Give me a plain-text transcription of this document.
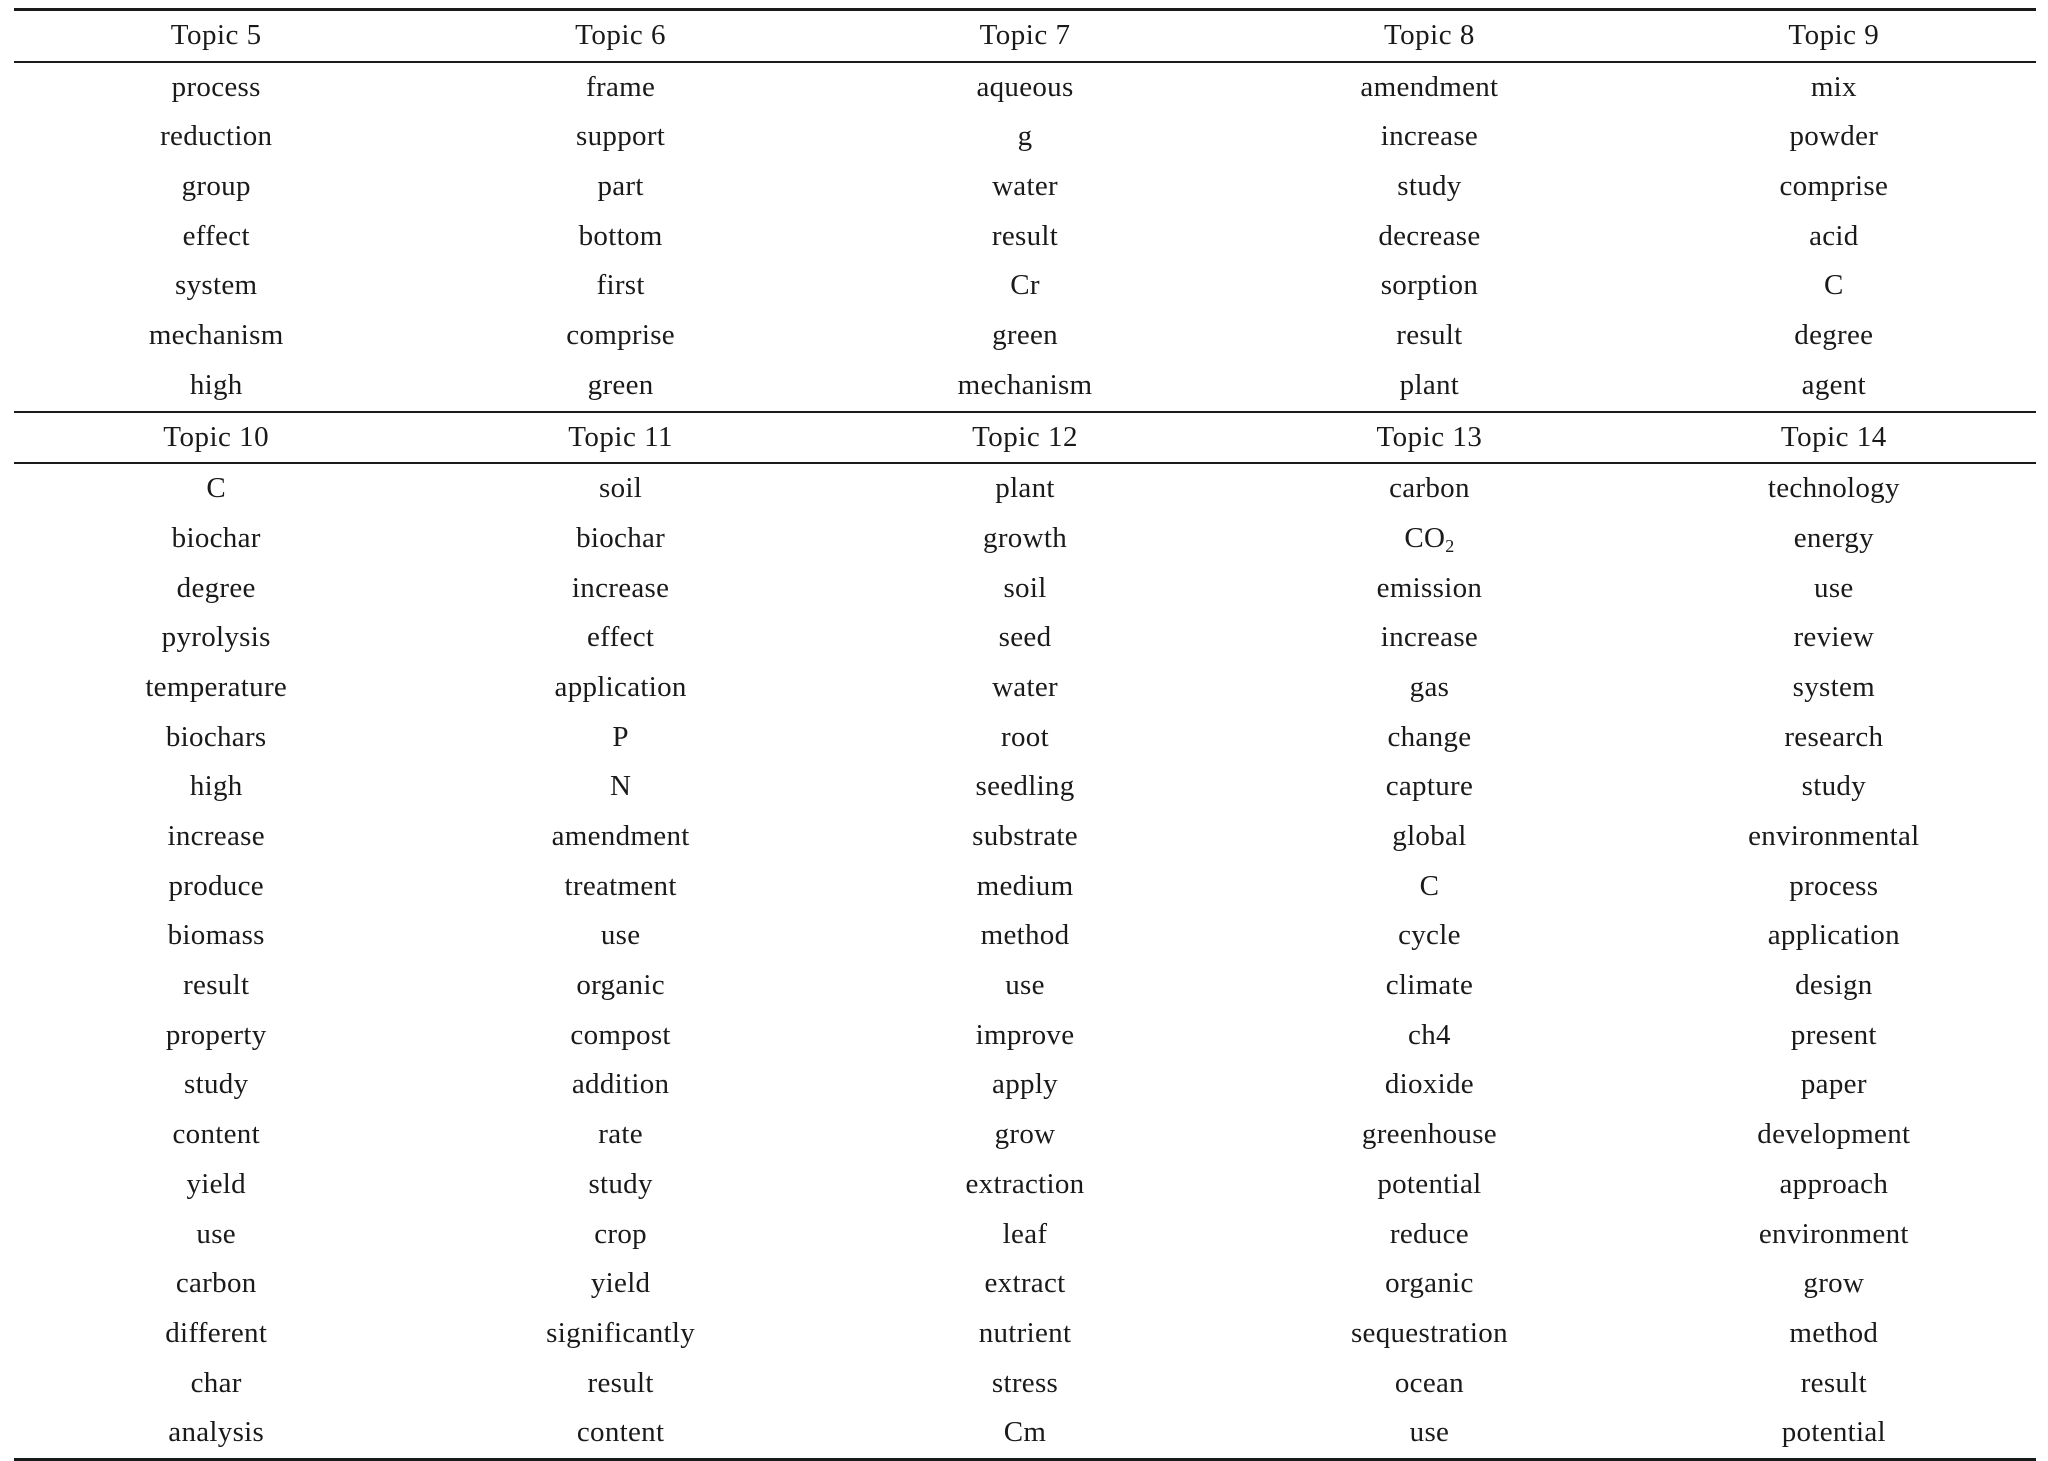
Topic 5	Topic 6	Topic 7	Topic 8	Topic 9
process	frame	aqueous	amendment	mix
reduction	support	g	increase	powder
group	part	water	study	comprise
effect	bottom	result	decrease	acid
system	first	Cr	sorption	C
mechanism	comprise	green	result	degree
high	green	mechanism	plant	agent
Topic 10	Topic 11	Topic 12	Topic 13	Topic 14
C	soil	plant	carbon	technology
biochar	biochar	growth	$CO_2$	energy
degree	increase	soil	emission	use
pyrolysis	effect	seed	increase	review
temperature	application	water	gas	system
biochars	P	root	change	research
high	N	seedling	capture	study
increase	amendment	substrate	global	environmental
produce	treatment	medium	C	process
biomass	use	method	cycle	application
result	organic	use	climate	design
property	compost	improve	ch4	present
study	addition	apply	dioxide	paper
content	rate	grow	greenhouse	development
yield	study	extraction	potential	approach
use	crop	leaf	reduce	environment
carbon	yield	extract	organic	grow
different	significantly	nutrient	sequestration	method
char	result	stress	ocean	result
analysis	content	Cm	use	potential
